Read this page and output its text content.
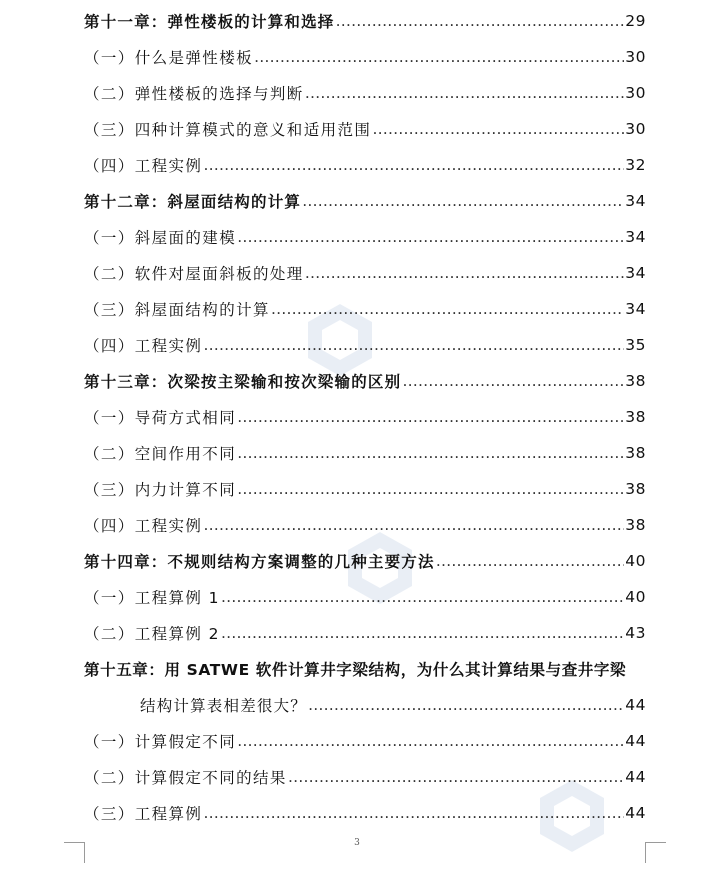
第十一章：弹性楼板的计算和选择 ……………………………………………………………………………………………………………………………………………………………	29
（一）什么是弹性楼板 ……………………………………………………………………………………………………………………………………………………………	30
（二）弹性楼板的选择与判断 ……………………………………………………………………………………………………………………………………………………………	30
（三）四种计算模式的意义和适用范围 ……………………………………………………………………………………………………………………………………………………………	30
（四）工程实例 ……………………………………………………………………………………………………………………………………………………………	32
第十二章：斜屋面结构的计算 ……………………………………………………………………………………………………………………………………………………………	34
（一）斜屋面的建模 ……………………………………………………………………………………………………………………………………………………………	34
（二）软件对屋面斜板的处理 ……………………………………………………………………………………………………………………………………………………………	34
（三）斜屋面结构的计算 ……………………………………………………………………………………………………………………………………………………………	34
（四）工程实例 ……………………………………………………………………………………………………………………………………………………………	35
第十三章：次梁按主梁输和按次梁输的区别 ……………………………………………………………………………………………………………………………………………………………	38
（一）导荷方式相同 ……………………………………………………………………………………………………………………………………………………………	38
（二）空间作用不同 ……………………………………………………………………………………………………………………………………………………………	38
（三）内力计算不同 ……………………………………………………………………………………………………………………………………………………………	38
（四）工程实例 ……………………………………………………………………………………………………………………………………………………………	38
第十四章：不规则结构方案调整的几种主要方法 ……………………………………………………………………………………………………………………………………………………………	40
（一）工程算例 1 ……………………………………………………………………………………………………………………………………………………………	40
（二）工程算例 2 ……………………………………………………………………………………………………………………………………………………………	43
第十五章：用 SATWE 软件计算井字梁结构，为什么其计算结果与查井字梁
结构计算表相差很大？ ……………………………………………………………………………………………………………………………………………………………	44
（一）计算假定不同 ……………………………………………………………………………………………………………………………………………………………	44
（二）计算假定不同的结果 ……………………………………………………………………………………………………………………………………………………………	44
（三）工程算例 ……………………………………………………………………………………………………………………………………………………………	44
3
